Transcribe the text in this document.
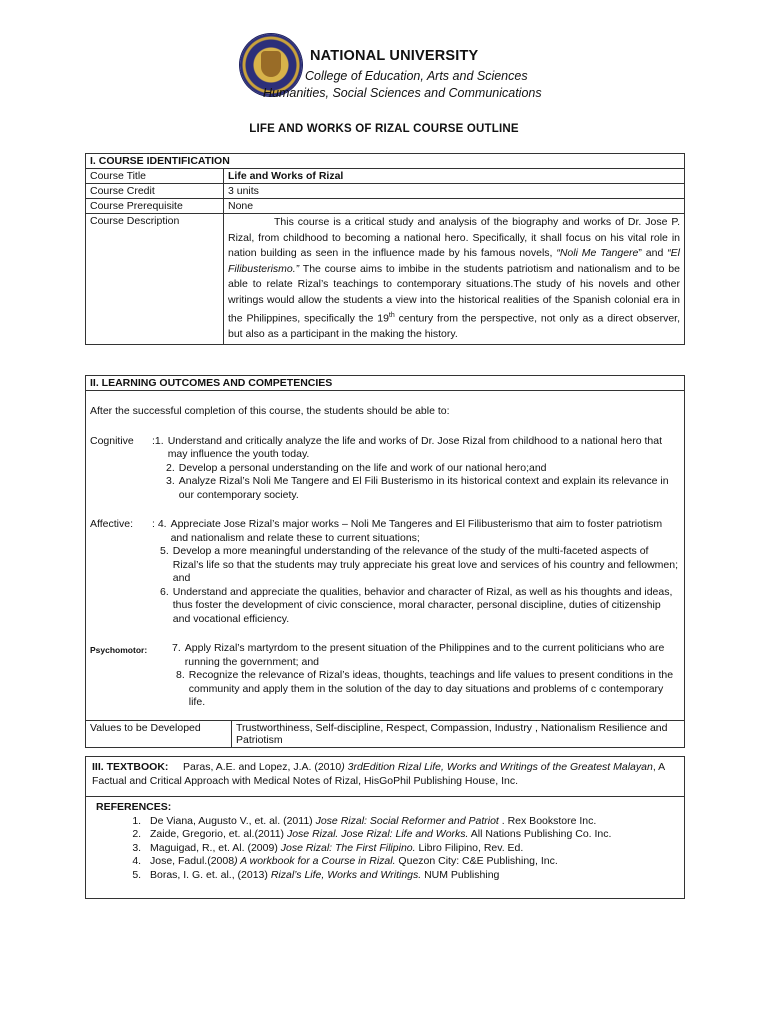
NATIONAL UNIVERSITY
College of Education, Arts and Sciences
Humanities, Social Sciences and Communications
LIFE AND WORKS OF RIZAL COURSE OUTLINE
I. COURSE IDENTIFICATION	
Course Title	Life and Works of Rizal
Course Credit	3 units
Course Prerequisite	None
Course Description	This course is a critical study and analysis of the biography and works of Dr. Jose P. Rizal, from childhood to becoming a national hero. Specifically, it shall focus on his vital role in nation building as seen in the influence made by his famous novels, “Noli Me Tangere” and “El Filibusterismo.” The course aims to imbibe in the students patriotism and nationalism and to be able to relate Rizal’s teachings to contemporary situations.The study of his novels and other writings would allow the students a view into the historical realities of the Spanish colonial era in the Philippines, specifically the 19th century from the perspective, not only as a direct observer, but also as a participant in the making the history.
II. LEARNING OUTCOMES AND COMPETENCIES

After the successful completion of this course, the students should be able to:
Cognitive	:1. Understand and critically analyze the life and works of Dr. Jose Rizal from childhood to a national hero that may influence the youth today.
2. Develop a personal understanding on the life and work of our national hero;and
3. Analyze Rizal’s Noli Me Tangere and El Fili Busterismo in its historical context and explain its relevance in our contemporary society.
Affective:	: 4. Appreciate Jose Rizal’s major works – Noli Me Tangeres and El Filibusterismo that aim to foster patriotism and nationalism and relate these to current situations;
5. Develop a more meaningful understanding of the relevance of the study of the multi-faceted aspects of Rizal’s life so that the students may truly appreciate his great love and services of his country and fellowmen; and
6. Understand and appreciate the qualities, behavior and character of Rizal, as well as his thoughts and ideas, thus foster the development of civic conscience, moral character, personal discipline, duties of citizenship and vocational efficiency.
Psychomotor:	7. Apply Rizal’s martyrdom to the present situation of the Philippines and to the current politicians who are running the government; and
8. Recognize the relevance of Rizal’s ideas, thoughts, teachings and life values to present conditions in the community and apply them in the solution of the day to day situations and problems of c contemporary life.

Values to be Developed	Trustworthiness, Self-discipline, Respect, Compassion, Industry , Nationalism Resilience and Patriotism
III. TEXTBOOK: Paras, A.E. and Lopez, J.A. (2010) 3rdEdition Rizal Life, Works and Writings of the Greatest Malayan, A Factual and Critical Approach with Medical Notes of Rizal, HisGoPhil Publishing House, Inc.

REFERENCES:
1. De Viana, Augusto V., et. al. (2011) Jose Rizal: Social Reformer and Patriot . Rex Bookstore Inc.
2. Zaide, Gregorio, et. al.(2011) Jose Rizal. Jose Rizal: Life and Works. All Nations Publishing Co. Inc.
3. Maguigad, R., et. Al. (2009) Jose Rizal: The First Filipino. Libro Filipino, Rev. Ed.
4. Jose, Fadul.(2008) A workbook for a Course in Rizal. Quezon City: C&E Publishing, Inc.
5. Boras, I. G. et. al., (2013) Rizal’s Life, Works and Writings. NUM Publishing
